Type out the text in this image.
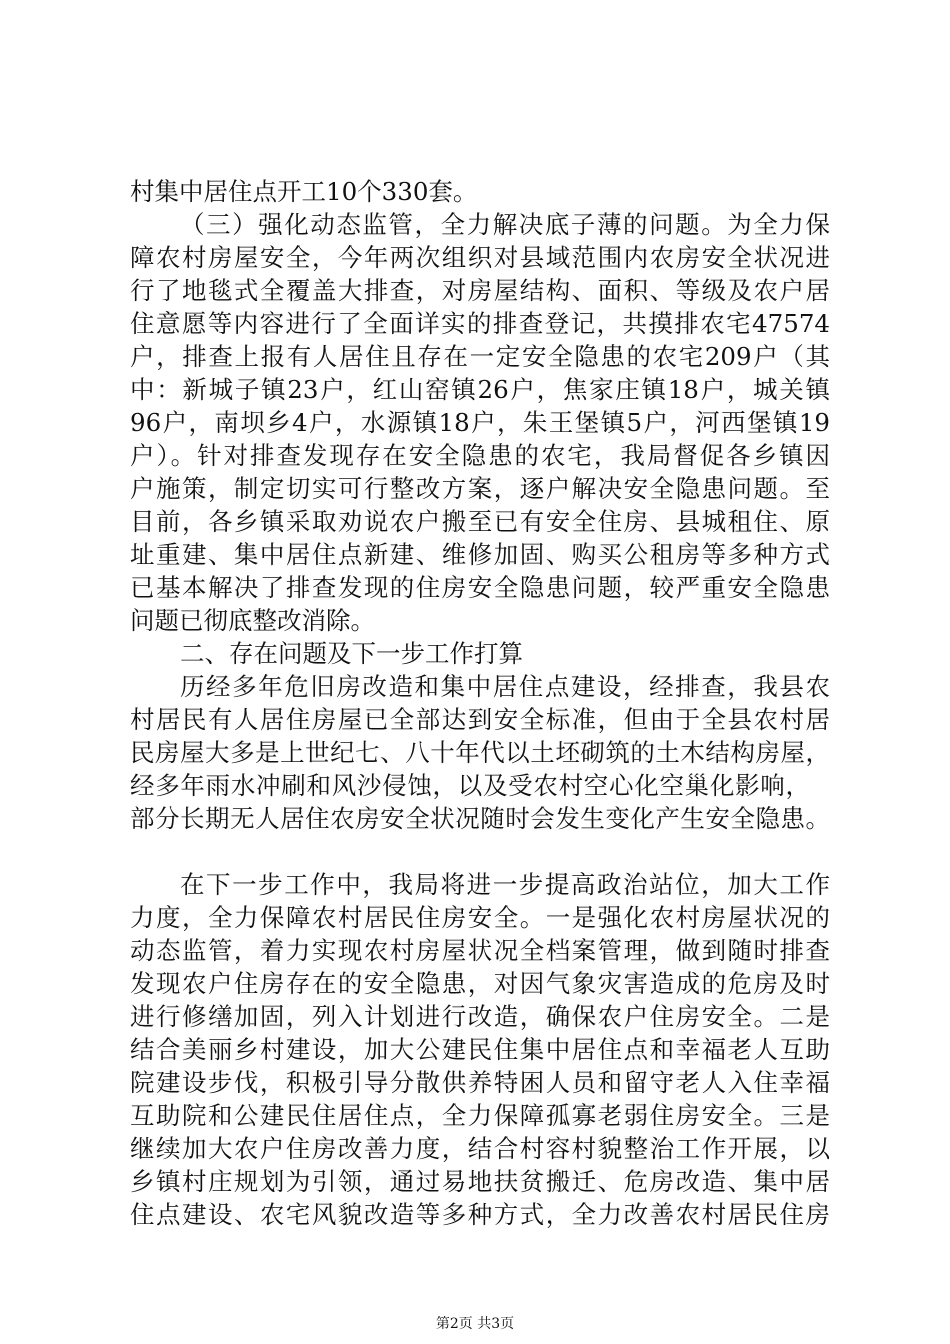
村集中居住点开工10个330套。
（三）强化动态监管，全力解决底子薄的问题。为全力保
障农村房屋安全，今年两次组织对县域范围内农房安全状况进
行了地毯式全覆盖大排查，对房屋结构、面积、等级及农户居
住意愿等内容进行了全面详实的排查登记，共摸排农宅47574
户，排查上报有人居住且存在一定安全隐患的农宅209户（其
中：新城子镇23户，红山窑镇26户，焦家庄镇18户，城关镇
96户，南坝乡4户，水源镇18户，朱王堡镇5户，河西堡镇19
户）。针对排查发现存在安全隐患的农宅，我局督促各乡镇因
户施策，制定切实可行整改方案，逐户解决安全隐患问题。至
目前，各乡镇采取劝说农户搬至已有安全住房、县城租住、原
址重建、集中居住点新建、维修加固、购买公租房等多种方式
已基本解决了排查发现的住房安全隐患问题，较严重安全隐患
问题已彻底整改消除。
二、存在问题及下一步工作打算
历经多年危旧房改造和集中居住点建设，经排查，我县农
村居民有人居住房屋已全部达到安全标准，但由于全县农村居
民房屋大多是上世纪七、八十年代以土坯砌筑的土木结构房屋，
经多年雨水冲刷和风沙侵蚀，以及受农村空心化空巢化影响，
部分长期无人居住农房安全状况随时会发生变化产生安全隐患。
在下一步工作中，我局将进一步提高政治站位，加大工作
力度，全力保障农村居民住房安全。一是强化农村房屋状况的
动态监管，着力实现农村房屋状况全档案管理，做到随时排查
发现农户住房存在的安全隐患，对因气象灾害造成的危房及时
进行修缮加固，列入计划进行改造，确保农户住房安全。二是
结合美丽乡村建设，加大公建民住集中居住点和幸福老人互助
院建设步伐，积极引导分散供养特困人员和留守老人入住幸福
互助院和公建民住居住点，全力保障孤寡老弱住房安全。三是
继续加大农户住房改善力度，结合村容村貌整治工作开展，以
乡镇村庄规划为引领，通过易地扶贫搬迁、危房改造、集中居
住点建设、农宅风貌改造等多种方式，全力改善农村居民住房
第2页 共3页
